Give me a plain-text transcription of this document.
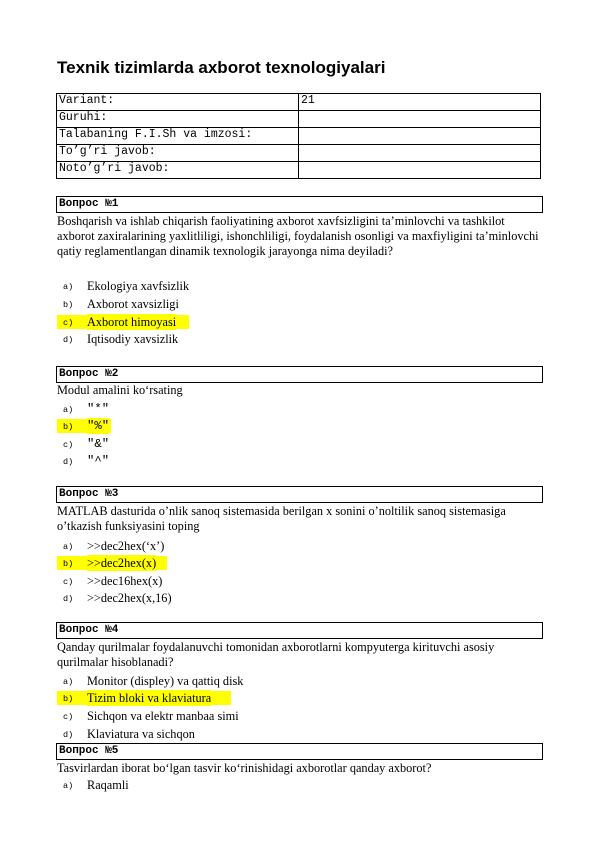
Texnik tizimlarda axborot texnologiyalari
Variant:	21
Guruhi:	
Talabaning F.I.Sh va imzosi:	
To’g’ri javob:	
Noto’g’ri javob:	
Вопрос №1
Boshqarish va ishlab chiqarish faoliyatining axborot xavfsizligini ta’minlovchi va tashkilot axborot zaxiralarining yaxlitliligi, ishonchliligi, foydalanish osonligi va maxfiyligini ta’minlovchi qatiy reglamentlangan dinamik texnologik jarayonga nima deyiladi?
a) Ekologiya xavfsizlik
b) Axborot xavsizligi
c) Axborot himoyasi
d) Iqtisodiy xavsizlik
Вопрос №2
Modul amalini ko‘rsating
a) "*"
b) "%"
c) "&"
d) "^"
Вопрос №3
MATLAB dasturida o’nlik sanoq sistemasida berilgan x sonini o’noltilik sanoq sistemasiga o’tkazish funksiyasini toping
a) >>dec2hex(‘x’)
b) >>dec2hex(x)
c) >>dec16hex(x)
d) >>dec2hex(x,16)
Вопрос №4
Qanday qurilmalar foydalanuvchi tomonidan axborotlarni kompyuterga kirituvchi asosiy qurilmalar hisoblanadi?
a) Monitor (displey) va qattiq disk
b) Tizim bloki va klaviatura
c) Sichqon va elektr manbaa simi
d) Klaviatura va sichqon
Вопрос №5
Tasvirlardan iborat bo‘lgan tasvir ko‘rinishidagi axborotlar qanday axborot?
a) Raqamli
